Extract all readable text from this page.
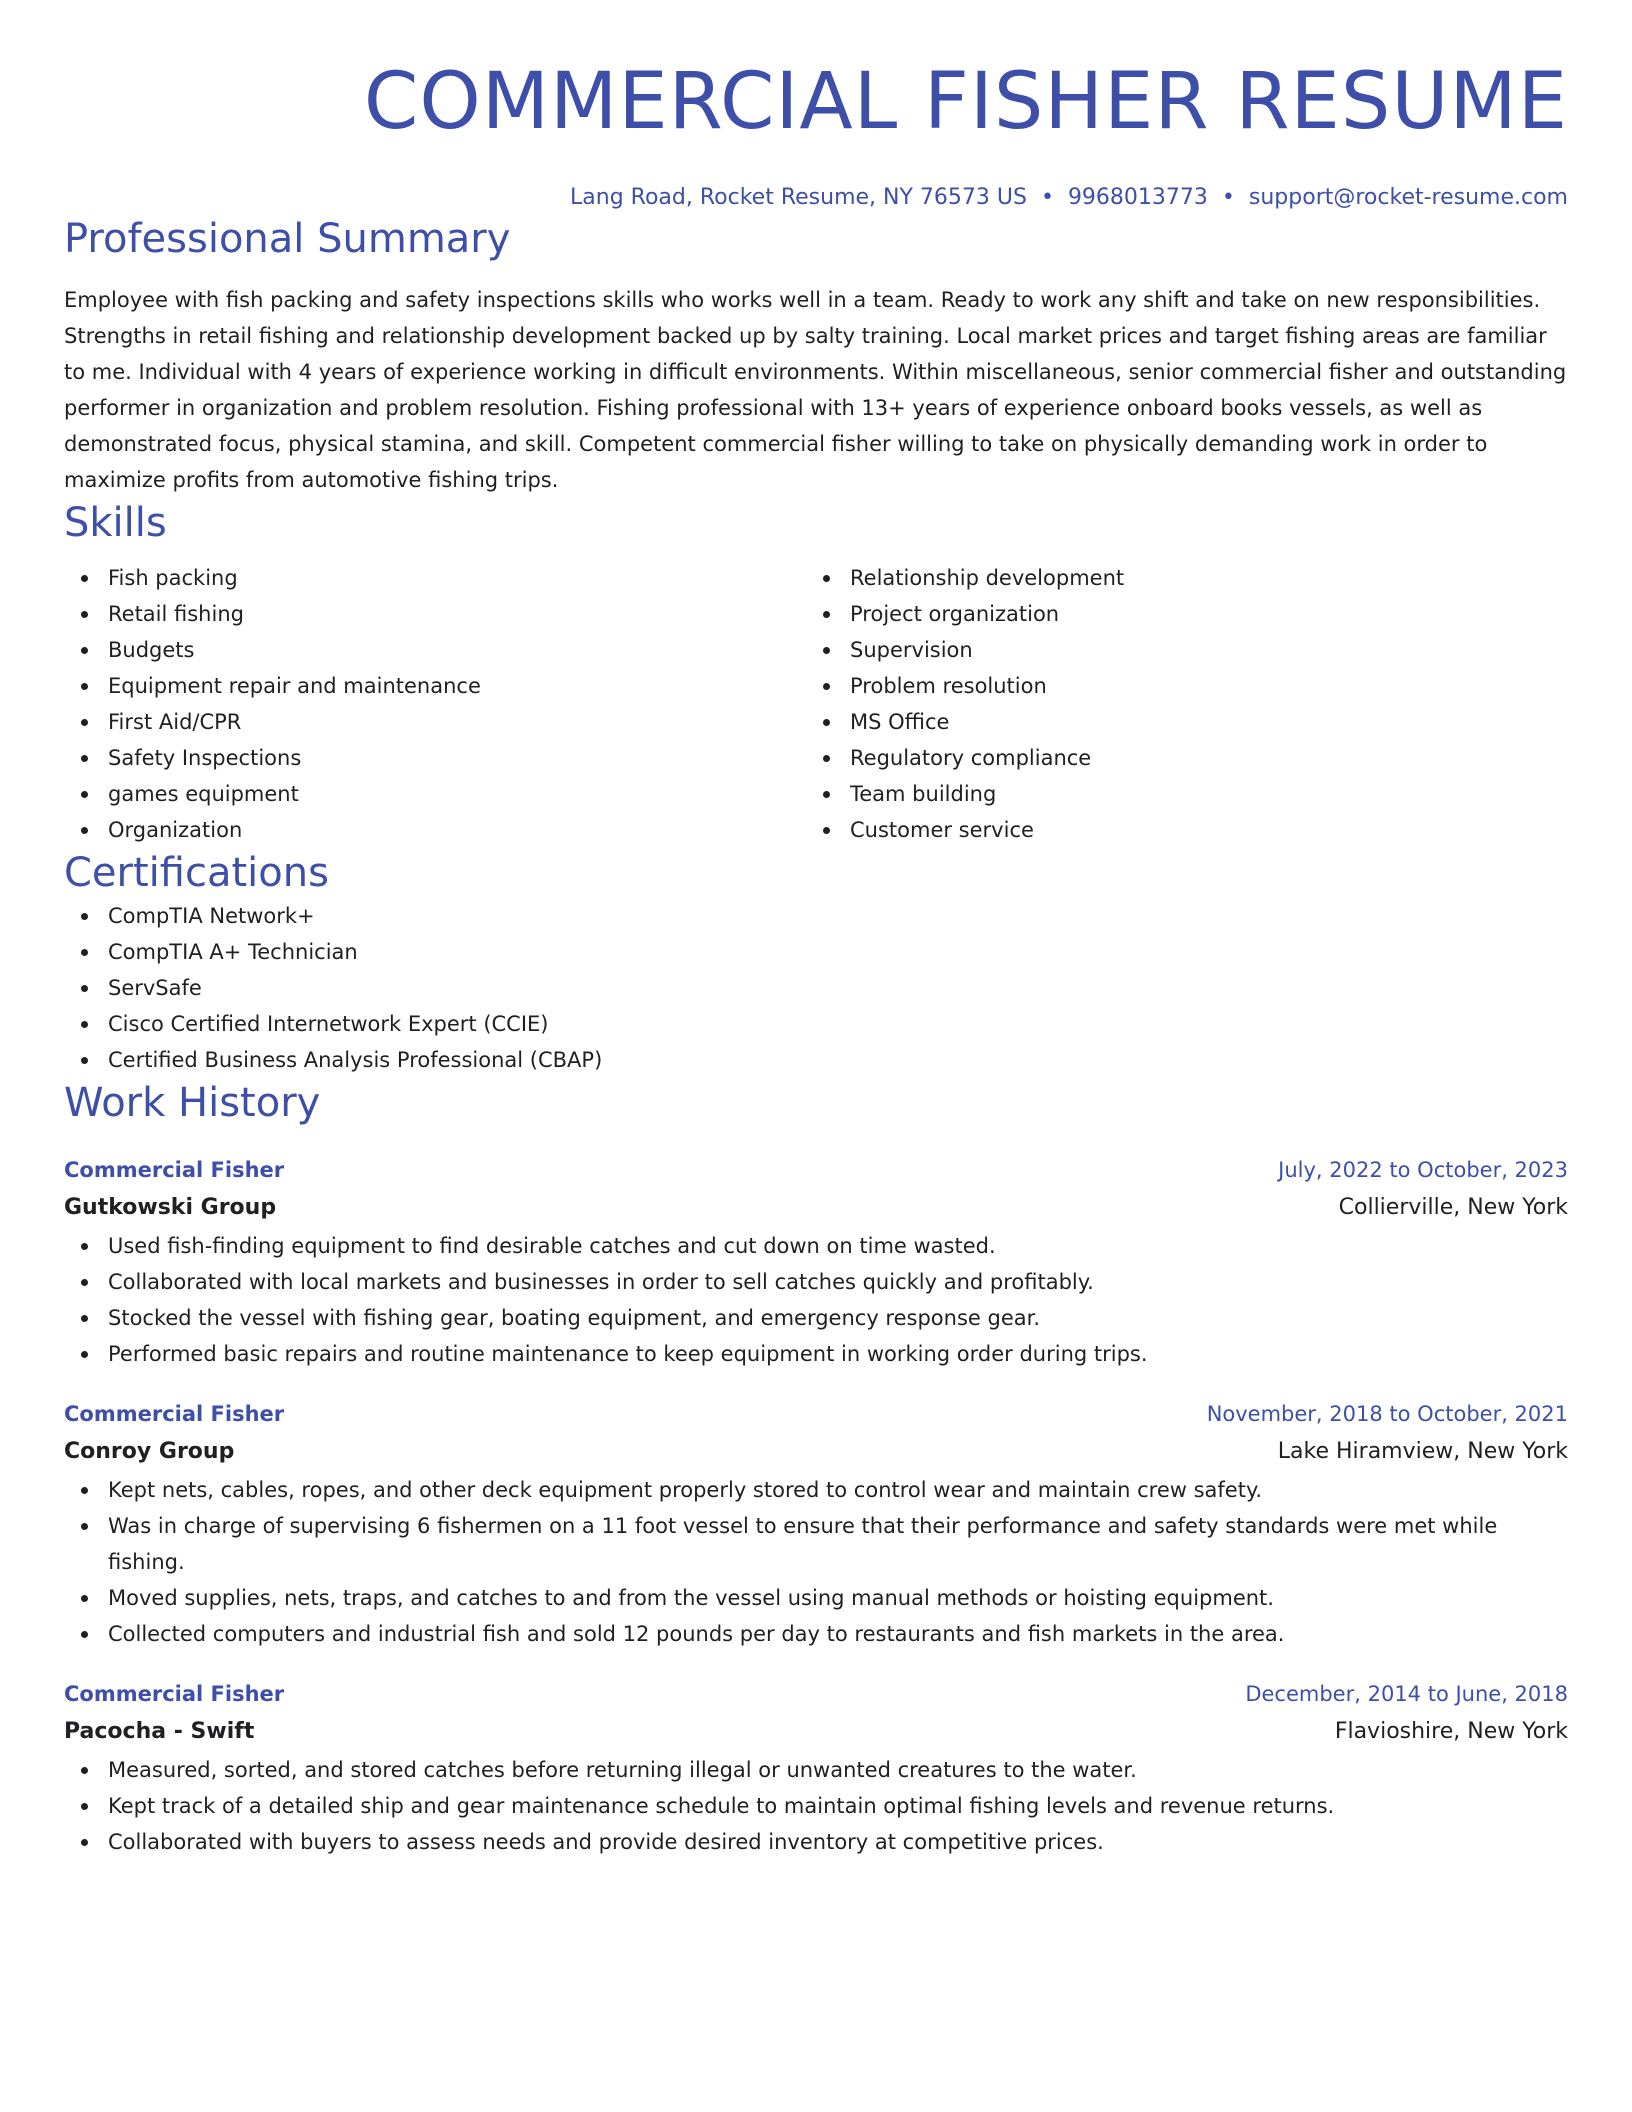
COMMERCIAL FISHER RESUME
Lang Road, Rocket Resume, NY 76573 US • 9968013773 • support@rocket-resume.com
Professional Summary

Employee with fish packing and safety inspections skills who works well in a team. Ready to work any shift and take on new responsibilities. Strengths in retail fishing and relationship development backed up by salty training. Local market prices and target fishing areas are familiar to me. Individual with 4 years of experience working in difficult environments. Within miscellaneous, senior commercial fisher and outstanding performer in organization and problem resolution. Fishing professional with 13+ years of experience onboard books vessels, as well as demonstrated focus, physical stamina, and skill. Competent commercial fisher willing to take on physically demanding work in order to maximize profits from automotive fishing trips.

Skills
Fish packing
Retail fishing
Budgets
Equipment repair and maintenance
First Aid/CPR
Safety Inspections
games equipment
Organization
Relationship development
Project organization
Supervision
Problem resolution
MS Office
Regulatory compliance
Team building
Customer service
Certifications
CompTIA Network+
CompTIA A+ Technician
ServSafe
Cisco Certified Internetwork Expert (CCIE)
Certified Business Analysis Professional (CBAP)
Work History
Commercial Fisher	July, 2022 to October, 2023
Gutkowski Group	Collierville, New York
Used fish-finding equipment to find desirable catches and cut down on time wasted.
Collaborated with local markets and businesses in order to sell catches quickly and profitably.
Stocked the vessel with fishing gear, boating equipment, and emergency response gear.
Performed basic repairs and routine maintenance to keep equipment in working order during trips.
Commercial Fisher	November, 2018 to October, 2021
Conroy Group	Lake Hiramview, New York
Kept nets, cables, ropes, and other deck equipment properly stored to control wear and maintain crew safety.
Was in charge of supervising 6 fishermen on a 11 foot vessel to ensure that their performance and safety standards were met while fishing.
Moved supplies, nets, traps, and catches to and from the vessel using manual methods or hoisting equipment.
Collected computers and industrial fish and sold 12 pounds per day to restaurants and fish markets in the area.
Commercial Fisher	December, 2014 to June, 2018
Pacocha - Swift	Flavioshire, New York
Measured, sorted, and stored catches before returning illegal or unwanted creatures to the water.
Kept track of a detailed ship and gear maintenance schedule to maintain optimal fishing levels and revenue returns.
Collaborated with buyers to assess needs and provide desired inventory at competitive prices.
